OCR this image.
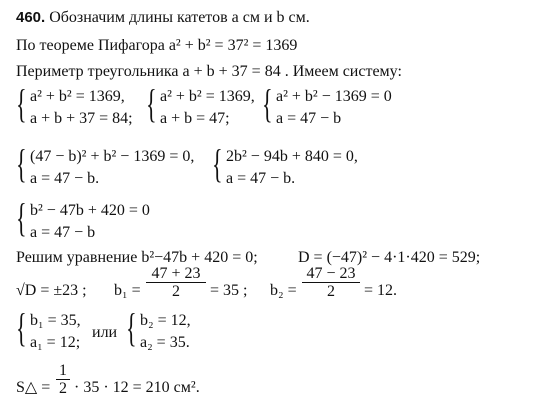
460. Обозначим длины катетов a см и b см.
По теореме Пифагора a² + b² = 37² = 1369
Периметр треугольника a + b + 37 = 84 . Имеем систему:
{ a² + b² = 1369,
a + b + 37 = 84; { a² + b² = 1369,
a + b = 47; { a² + b² − 1369 = 0
a = 47 − b
{ (47 − b)² + b² − 1369 = 0,
a = 47 − b.	{ 2b² − 94b + 840 = 0,
a = 47 − b.
{ b² − 47b + 420 = 0
a = 47 − b
Решим уравнение b²−47b + 420 = 0;	D = (−47)² − 4·1·420 = 529;
√D = ±23 ; $b_1 = \frac{47 + 23}{2} = 35$ ; $b_2 = \frac{47 - 23}{2} = 12$.
{ b₁ = 35,
a₁ = 12;
или { b₂ = 12,
a₂ = 35.
S△ = $\frac{1}{2} \cdot 35 \cdot 12 = 210$ см².
